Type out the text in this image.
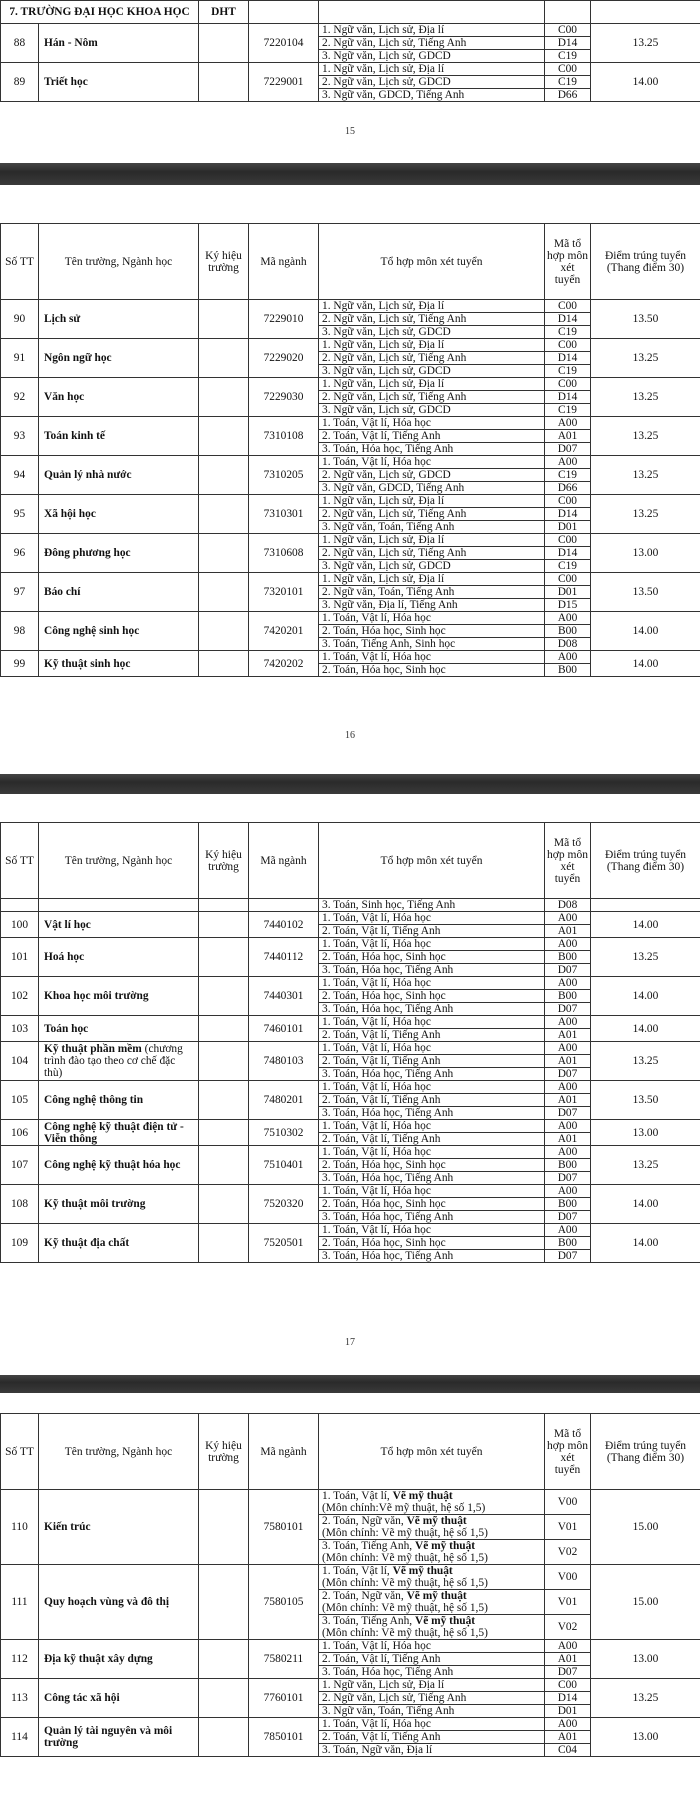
7. TRƯỜNG ĐẠI HỌC KHOA HỌC		DHT				
88	Hán - Nôm		7220104	1. Ngữ văn, Lịch sử, Địa lí	C00	13.25
				2. Ngữ văn, Lịch sử, Tiếng Anh	D14	
				3. Ngữ văn, Lịch sử, GDCD	C19	
89	Triết học		7229001	1. Ngữ văn, Lịch sử, Địa lí	C00	14.00
				2. Ngữ văn, Lịch sử, GDCD	C19	
				3. Ngữ văn, GDCD, Tiếng Anh	D66	
15
Số TT	Tên trường, Ngành học	Ký hiệu trường	Mã ngành	Tổ hợp môn xét tuyển	Mã tổ hợp môn xét tuyển	Điểm trúng tuyển (Thang điểm 30)
90	Lịch sử		7229010	1. Ngữ văn, Lịch sử, Địa lí	C00	13.50
				2. Ngữ văn, Lịch sử, Tiếng Anh	D14	
				3. Ngữ văn, Lịch sử, GDCD	C19	
91	Ngôn ngữ học		7229020	1. Ngữ văn, Lịch sử, Địa lí	C00	13.25
				2. Ngữ văn, Lịch sử, Tiếng Anh	D14	
				3. Ngữ văn, Lịch sử, GDCD	C19	
92	Văn học		7229030	1. Ngữ văn, Lịch sử, Địa lí	C00	13.25
				2. Ngữ văn, Lịch sử, Tiếng Anh	D14	
				3. Ngữ văn, Lịch sử, GDCD	C19	
93	Toán kinh tế		7310108	1. Toán, Vật lí, Hóa học	A00	13.25
				2. Toán, Vật lí, Tiếng Anh	A01	
				3. Toán, Hóa học, Tiếng Anh	D07	
94	Quản lý nhà nước		7310205	1. Toán, Vật lí, Hóa học	A00	13.25
				2. Ngữ văn, Lịch sử, GDCD	C19	
				3. Ngữ văn, GDCD, Tiếng Anh	D66	
95	Xã hội học		7310301	1. Ngữ văn, Lịch sử, Địa lí	C00	13.25
				2. Ngữ văn, Lịch sử, Tiếng Anh	D14	
				3. Ngữ văn, Toán, Tiếng Anh	D01	
96	Đông phương học		7310608	1. Ngữ văn, Lịch sử, Địa lí	C00	13.00
				2. Ngữ văn, Lịch sử, Tiếng Anh	D14	
				3. Ngữ văn, Lịch sử, GDCD	C19	
97	Báo chí		7320101	1. Ngữ văn, Lịch sử, Địa lí	C00	13.50
				2. Ngữ văn, Toán, Tiếng Anh	D01	
				3. Ngữ văn, Địa lí, Tiếng Anh	D15	
98	Công nghệ sinh học		7420201	1. Toán, Vật lí, Hóa học	A00	14.00
				2. Toán, Hóa học, Sinh học	B00	
				3. Toán, Tiếng Anh, Sinh học	D08	
99	Kỹ thuật sinh học		7420202	1. Toán, Vật lí, Hóa học	A00	14.00
				2. Toán, Hóa học, Sinh học	B00	
16
Số TT	Tên trường, Ngành học	Ký hiệu trường	Mã ngành	Tổ hợp môn xét tuyển	Mã tổ hợp môn xét tuyển	Điểm trúng tuyển (Thang điểm 30)
				3. Toán, Sinh học, Tiếng Anh	D08	
100	Vật lí học		7440102	1. Toán, Vật lí, Hóa học	A00	14.00
				2. Toán, Vật lí, Tiếng Anh	A01	
101	Hoá học		7440112	1. Toán, Vật lí, Hóa học	A00	13.25
				2. Toán, Hóa học, Sinh học	B00	
				3. Toán, Hóa học, Tiếng Anh	D07	
102	Khoa học môi trường		7440301	1. Toán, Vật lí, Hóa học	A00	14.00
				2. Toán, Hóa học, Sinh học	B00	
				3. Toán, Hóa học, Tiếng Anh	D07	
103	Toán học		7460101	1. Toán, Vật lí, Hóa học	A00	14.00
				2. Toán, Vật lí, Tiếng Anh	A01	
104	Kỹ thuật phần mềm (chương trình đào tạo theo cơ chế đặc thù)		7480103	1. Toán, Vật lí, Hóa học	A00	13.25
				2. Toán, Vật lí, Tiếng Anh	A01	
				3. Toán, Hóa học, Tiếng Anh	D07	
105	Công nghệ thông tin		7480201	1. Toán, Vật lí, Hóa học	A00	13.50
				2. Toán, Vật lí, Tiếng Anh	A01	
				3. Toán, Hóa học, Tiếng Anh	D07	
106	Công nghệ kỹ thuật điện tử - Viễn thông		7510302	1. Toán, Vật lí, Hóa học	A00	13.00
				2. Toán, Vật lí, Tiếng Anh	A01	
107	Công nghệ kỹ thuật hóa học		7510401	1. Toán, Vật lí, Hóa học	A00	13.25
				2. Toán, Hóa học, Sinh học	B00	
				3. Toán, Hóa học, Tiếng Anh	D07	
108	Kỹ thuật môi trường		7520320	1. Toán, Vật lí, Hóa học	A00	14.00
				2. Toán, Hóa học, Sinh học	B00	
				3. Toán, Hóa học, Tiếng Anh	D07	
109	Kỹ thuật địa chất		7520501	1. Toán, Vật lí, Hóa học	A00	14.00
				2. Toán, Hóa học, Sinh học	B00	
				3. Toán, Hóa học, Tiếng Anh	D07	
17
Số TT	Tên trường, Ngành học	Ký hiệu trường	Mã ngành	Tổ hợp môn xét tuyển	Mã tổ hợp môn xét tuyển	Điểm trúng tuyển (Thang điểm 30)
110	Kiến trúc		7580101	1. Toán, Vật lí, Vẽ mỹ thuật
(Môn chính:Vẽ mỹ thuật, hệ số 1,5)	V00	15.00

				2. Toán, Ngữ văn, Vẽ mỹ thuật
(Môn chính: Vẽ mỹ thuật, hệ số 1,5)	V01	

				3. Toán, Tiếng Anh, Vẽ mỹ thuật
(Môn chính: Vẽ mỹ thuật, hệ số 1,5)	V02	
111	Quy hoạch vùng và đô thị		7580105	1. Toán, Vật lí, Vẽ mỹ thuật
(Môn chính: Vẽ mỹ thuật, hệ số 1,5)	V00	15.00

				2. Toán, Ngữ văn, Vẽ mỹ thuật
(Môn chính: Vẽ mỹ thuật, hệ số 1,5)	V01	

				3. Toán, Tiếng Anh, Vẽ mỹ thuật
(Môn chính: Vẽ mỹ thuật, hệ số 1,5)	V02	
112	Địa kỹ thuật xây dựng		7580211	1. Toán, Vật lí, Hóa học	A00	13.00
				2. Toán, Vật lí, Tiếng Anh	A01	
				3. Toán, Hóa học, Tiếng Anh	D07	
113	Công tác xã hội		7760101	1. Ngữ văn, Lịch sử, Địa lí	C00	13.25
				2. Ngữ văn, Lịch sử, Tiếng Anh	D14	
				3. Ngữ văn, Toán, Tiếng Anh	D01	
114	Quản lý tài nguyên và môi trường		7850101	1. Toán, Vật lí, Hóa học	A00	13.00
				2. Toán, Vật lí, Tiếng Anh	A01	
				3. Toán, Ngữ văn, Địa lí	C04	
